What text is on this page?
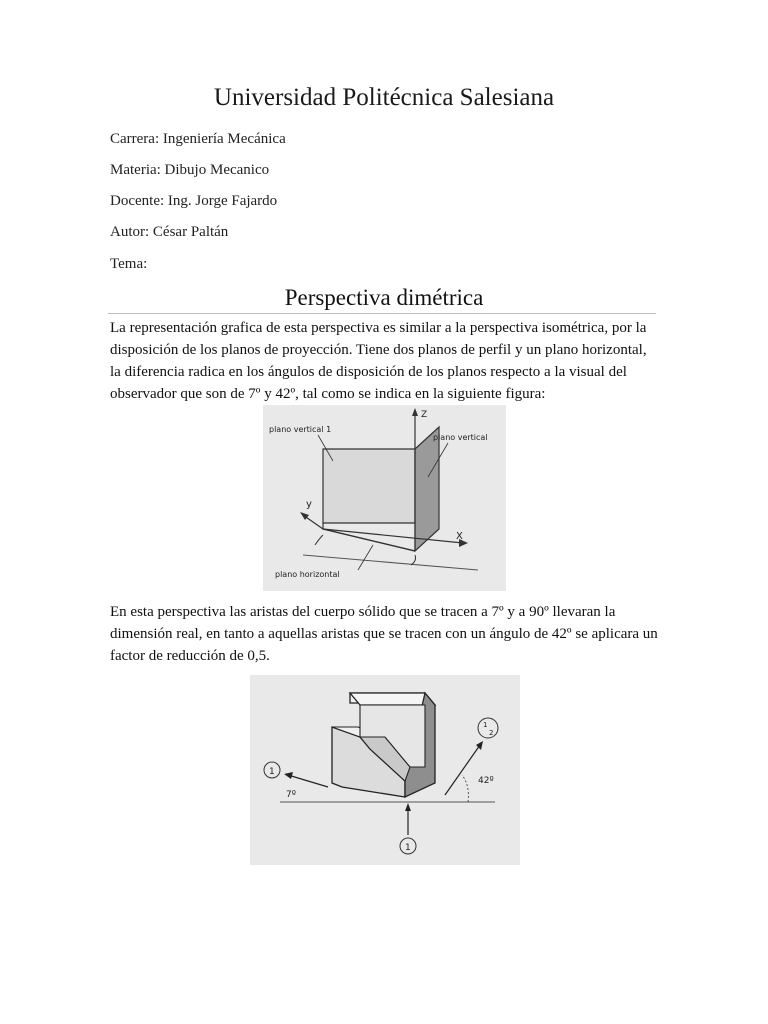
Universidad Politécnica Salesiana
Carrera: Ingeniería Mecánica
Materia: Dibujo Mecanico
Docente: Ing. Jorge Fajardo
Autor: César Paltán
Tema:
Perspectiva dimétrica

La representación grafica de esta perspectiva es similar a la perspectiva isométrica, por la disposición de los planos de proyección. Tiene dos planos de perfil y un plano horizontal, la diferencia radica en los ángulos de disposición de los planos respecto a la visual del observador que son de 7º y 42º, tal como se indica en la siguiente figura:

plano vertical 1
plano vertical
plano horizontal
Z
y
X

En esta perspectiva las aristas del cuerpo sólido que se tracen a 7º y a 90º llevaran la dimensión real, en tanto a aquellas aristas que se tracen con un ángulo de 42º se aplicara un factor de reducción de 0,5.

1
7º
1
2
42º
1
